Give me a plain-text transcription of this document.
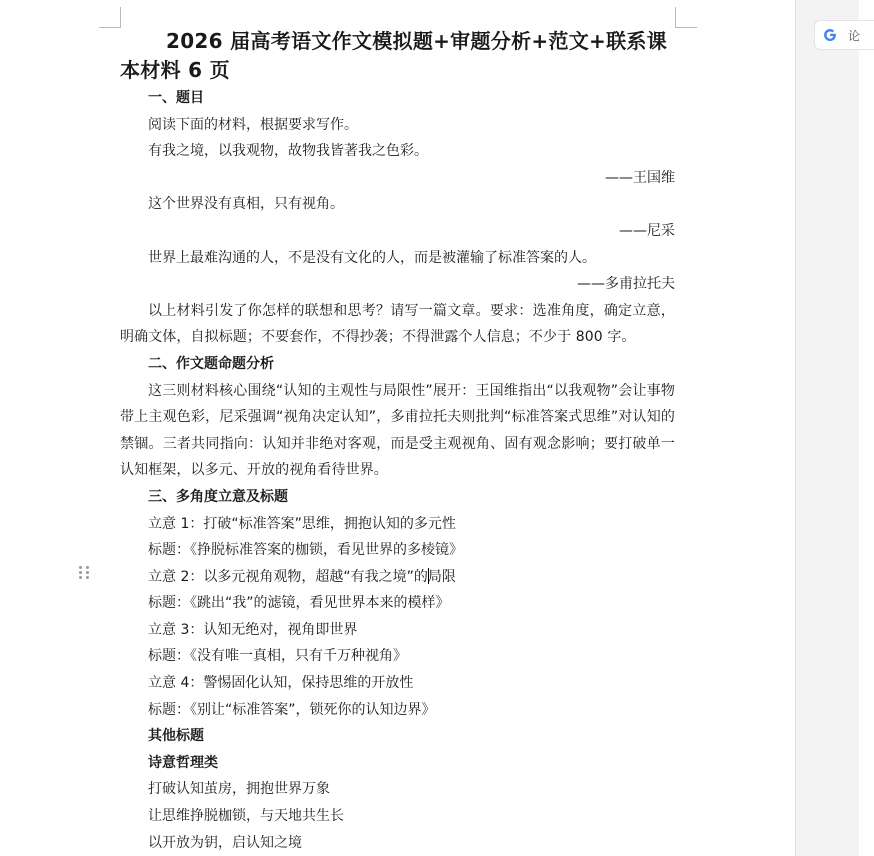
2026 届高考语文作文模拟题+审题分析+范文+联系课本材料 6 页

一、题目

阅读下面的材料，根据要求写作。

有我之境，以我观物，故物我皆著我之色彩。

——王国维

这个世界没有真相，只有视角。

——尼采

世界上最难沟通的人，不是没有文化的人，而是被灌输了标准答案的人。

——多甫拉托夫

以上材料引发了你怎样的联想和思考？请写一篇文章。要求：选准角度，确定立意，明确文体，自拟标题；不要套作，不得抄袭；不得泄露个人信息；不少于 800 字。

二、作文题命题分析

这三则材料核心围绕“认知的主观性与局限性”展开：王国维指出“以我观物”会让事物带上主观色彩，尼采强调“视角决定认知”，多甫拉托夫则批判“标准答案式思维”对认知的禁锢。三者共同指向：认知并非绝对客观，而是受主观视角、固有观念影响；要打破单一认知框架，以多元、开放的视角看待世界。

三、多角度立意及标题

立意 1：打破“标准答案”思维，拥抱认知的多元性

标题：《挣脱标准答案的枷锁，看见世界的多棱镜》

立意 2：以多元视角观物，超越“有我之境”的局限

标题：《跳出“我”的滤镜，看见世界本来的模样》

立意 3：认知无绝对，视角即世界

标题：《没有唯一真相，只有千万种视角》

立意 4：警惕固化认知，保持思维的开放性

标题：《别让“标准答案”，锁死你的认知边界》

其他标题

诗意哲理类

打破认知茧房，拥抱世界万象

让思维挣脱枷锁，与天地共生长

以开放为钥，启认知之境

论
